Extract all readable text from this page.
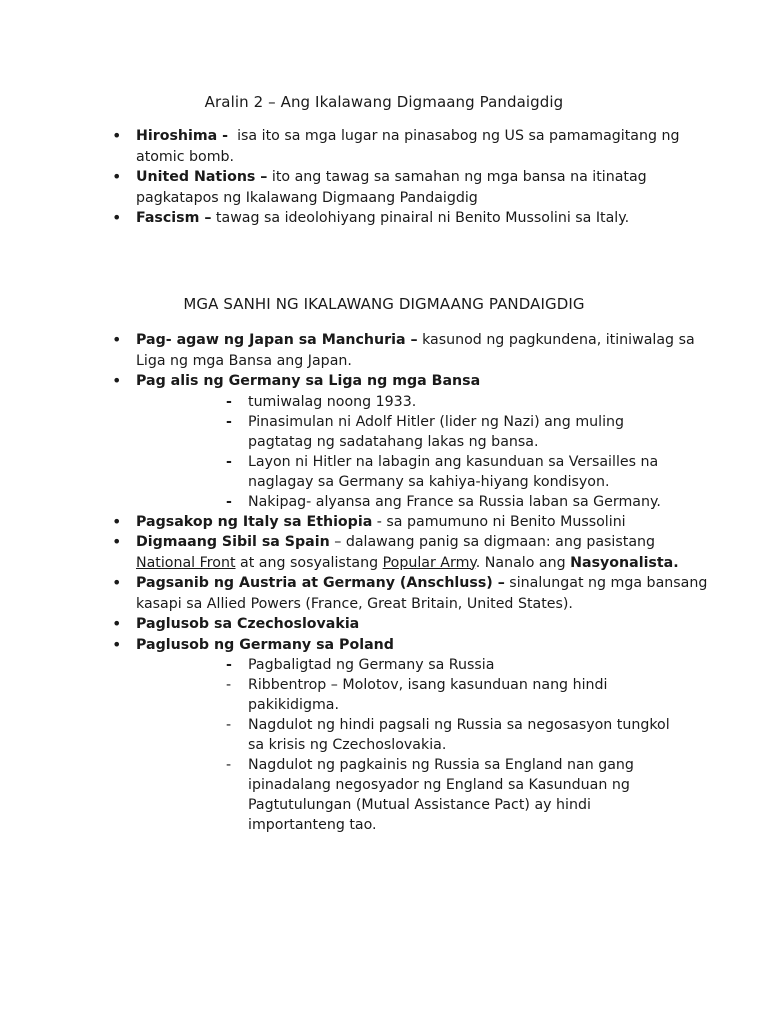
Aralin 2 – Ang Ikalawang Digmaang Pandaigdig
• Hiroshima -  isa ito sa mga lugar na pinasabog ng US sa pamamagitang ng atomic bomb.
• United Nations – ito ang tawag sa samahan ng mga bansa na itinatag pagkatapos ng Ikalawang Digmaang Pandaigdig
• Fascism – tawag sa ideolohiyang pinairal ni Benito Mussolini sa Italy.
MGA SANHI NG IKALAWANG DIGMAANG PANDAIGDIG
• Pag- agaw ng Japan sa Manchuria – kasunod ng pagkundena, itiniwalag sa Liga ng mga Bansa ang Japan.
• Pag alis ng Germany sa Liga ng mga Bansa
- tumiwalag noong 1933.
- Pinasimulan ni Adolf Hitler (lider ng Nazi) ang muling pagtatag ng sadatahang lakas ng bansa.
- Layon ni Hitler na labagin ang kasunduan sa Versailles na naglagay sa Germany sa kahiya-hiyang kondisyon.
- Nakipag- alyansa ang France sa Russia laban sa Germany.
• Pagsakop ng Italy sa Ethiopia - sa pamumuno ni Benito Mussolini
• Digmaang Sibil sa Spain – dalawang panig sa digmaan: ang pasistang National Front at ang sosyalistang Popular Army. Nanalo ang Nasyonalista.
• Pagsanib ng Austria at Germany (Anschluss) – sinalungat ng mga bansang kasapi sa Allied Powers (France, Great Britain, United States).
• Paglusob sa Czechoslovakia
• Paglusob ng Germany sa Poland
- Pagbaligtad ng Germany sa Russia
- Ribbentrop – Molotov, isang kasunduan nang hindi pakikidigma.
- Nagdulot ng hindi pagsali ng Russia sa negosasyon tungkol sa krisis ng Czechoslovakia.
- Nagdulot ng pagkainis ng Russia sa England nan gang ipinadalang negosyador ng England sa Kasunduan ng Pagtutulungan (Mutual Assistance Pact) ay hindi importanteng tao.
